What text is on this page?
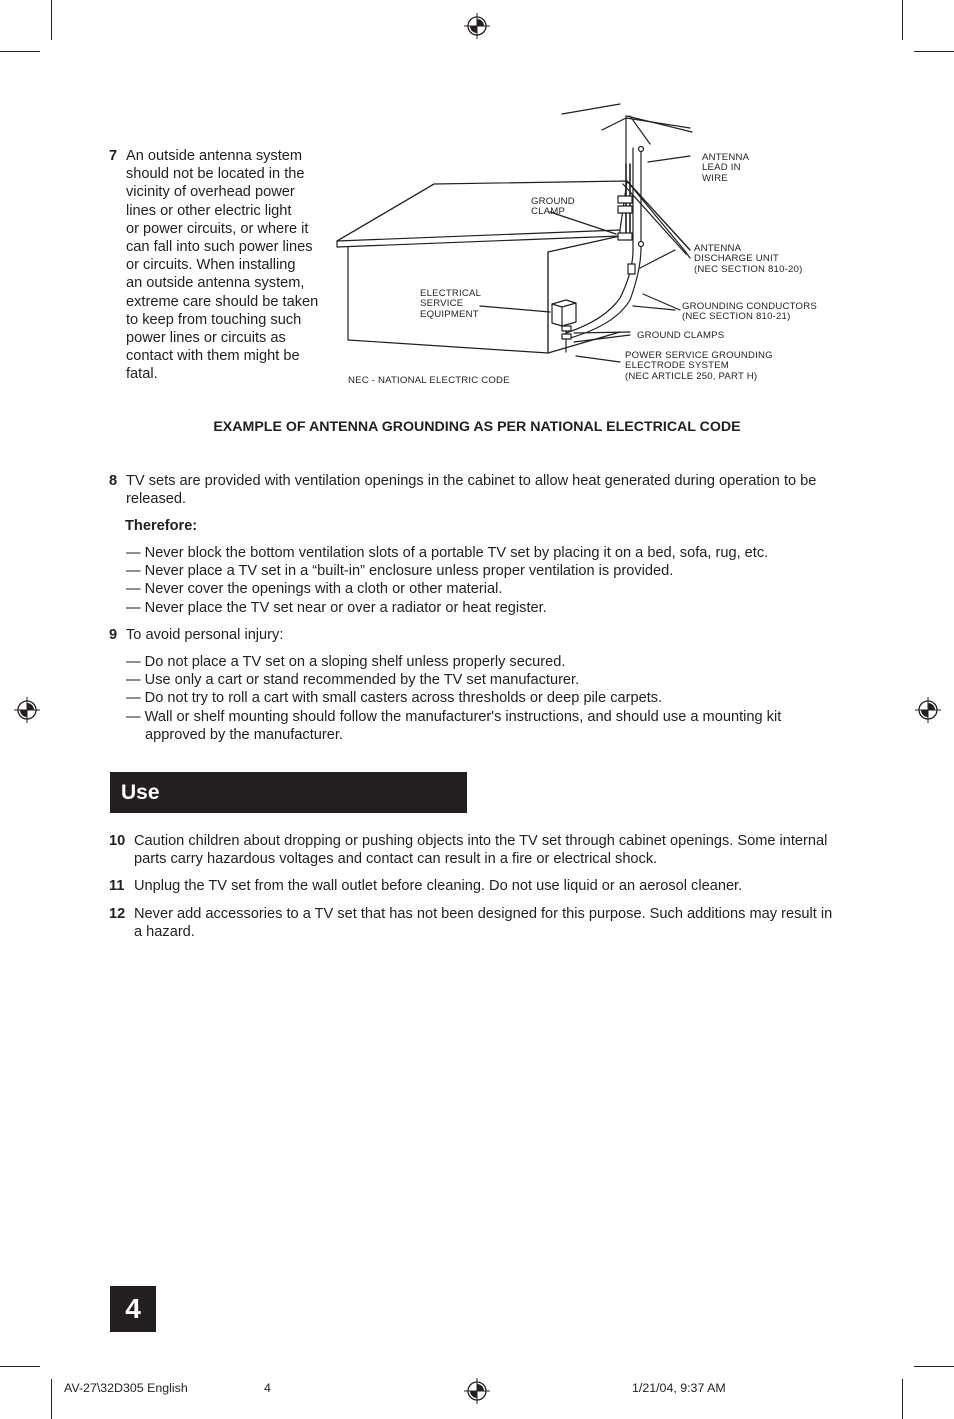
7 An outside antenna system
should not be located in the
vicinity of overhead power
lines or other electric light
or power circuits, or where it
can fall into such power lines
or circuits. When installing
an outside antenna system,
extreme care should be taken
to keep from touching such
power lines or circuits as
contact with them might be
fatal.
ANTENNA
LEAD IN
WIRE
GROUND
CLAMP
ANTENNA
DISCHARGE UNIT
(NEC SECTION 810-20)
ELECTRICAL
SERVICE
EQUIPMENT
GROUNDING CONDUCTORS
(NEC SECTION 810-21)
GROUND CLAMPS
POWER SERVICE GROUNDING
ELECTRODE SYSTEM
(NEC ARTICLE 250, PART H)
NEC - NATIONAL ELECTRIC CODE
EXAMPLE OF ANTENNA GROUNDING AS PER NATIONAL ELECTRICAL CODE
8 TV sets are provided with ventilation openings in the cabinet to allow heat generated during operation to be released.
Therefore:
— Never block the bottom ventilation slots of a portable TV set by placing it on a bed, sofa, rug, etc.
— Never place a TV set in a “built-in” enclosure unless proper ventilation is provided.
— Never cover the openings with a cloth or other material.
— Never place the TV set near or over a radiator or heat register.
9 To avoid personal injury:
— Do not place a TV set on a sloping shelf unless properly secured.
— Use only a cart or stand recommended by the TV set manufacturer.
— Do not try to roll a cart with small casters across thresholds or deep pile carpets.
— Wall or shelf mounting should follow the manufacturer's instructions, and should use a mounting kit approved by the manufacturer.
Use
10 Caution children about dropping or pushing objects into the TV set through cabinet openings. Some internal parts carry hazardous voltages and contact can result in a fire or electrical shock.
11 Unplug the TV set from the wall outlet before cleaning. Do not use liquid or an aerosol cleaner.
12 Never add accessories to a TV set that has not been designed for this purpose. Such additions may result in a hazard.
4
AV-27\32D305 English	4	1/21/04, 9:37 AM
